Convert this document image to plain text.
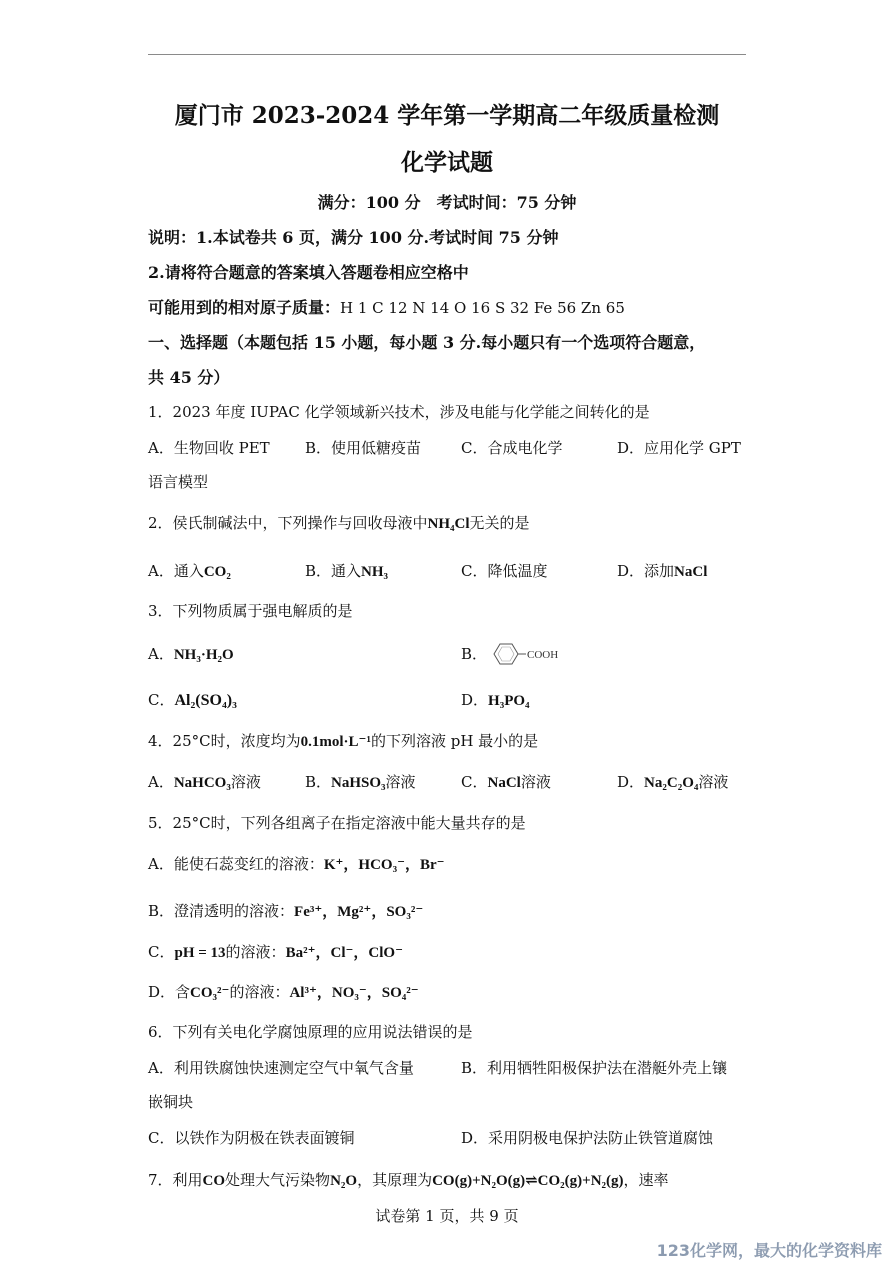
厦门市 2023-2024 学年第一学期高二年级质量检测
化学试题
满分：100 分　考试时间：75 分钟
说明：1.本试卷共 6 页，满分 100 分.考试时间 75 分钟
2.请将符合题意的答案填入答题卷相应空格中
可能用到的相对原子质量：H 1 C 12 N 14 O 16 S 32 Fe 56 Zn 65
一、选择题（本题包括 15 小题，每小题 3 分.每小题只有一个选项符合题意，
共 45 分）
1．2023 年度 IUPAC 化学领域新兴技术，涉及电能与化学能之间转化的是
A．生物回收 PET B．使用低糖疫苗	C．合成电化学	D．应用化学 GPT
语言模型
2．侯氏制碱法中，下列操作与回收母液中NH₄Cl无关的是
A．通入CO₂	B．通入NH₃	C．降低温度	D．添加NaCl
3．下列物质属于强电解质的是
A．NH₃·H₂O	B．	COOH
C．Al₂(SO₄)₃	D．H₃PO₄
4．25°C时，浓度均为0.1mol·L⁻¹的下列溶液 pH 最小的是
A．NaHCO₃溶液	B．NaHSO₃溶液	C．NaCl溶液	D．Na₂C₂O₄溶液
5．25°C时，下列各组离子在指定溶液中能大量共存的是
A．能使石蕊变红的溶液：K⁺，HCO₃⁻，Br⁻
B．澄清透明的溶液：Fe³⁺，Mg²⁺，SO₃²⁻
C．pH = 13的溶液：Ba²⁺，Cl⁻，ClO⁻
D．含CO₃²⁻的溶液：Al³⁺，NO₃⁻，SO₄²⁻
6．下列有关电化学腐蚀原理的应用说法错误的是
A．利用铁腐蚀快速测定空气中氧气含量	B．利用牺牲阳极保护法在潜艇外壳上镶
嵌铜块
C．以铁作为阴极在铁表面镀铜	D．采用阴极电保护法防止铁管道腐蚀
7．利用CO处理大气污染物N₂O，其原理为CO(g)+N₂O(g)⇌CO₂(g)+N₂(g)，速率
试卷第 1 页，共 9 页
123化学网，最大的化学资料库
